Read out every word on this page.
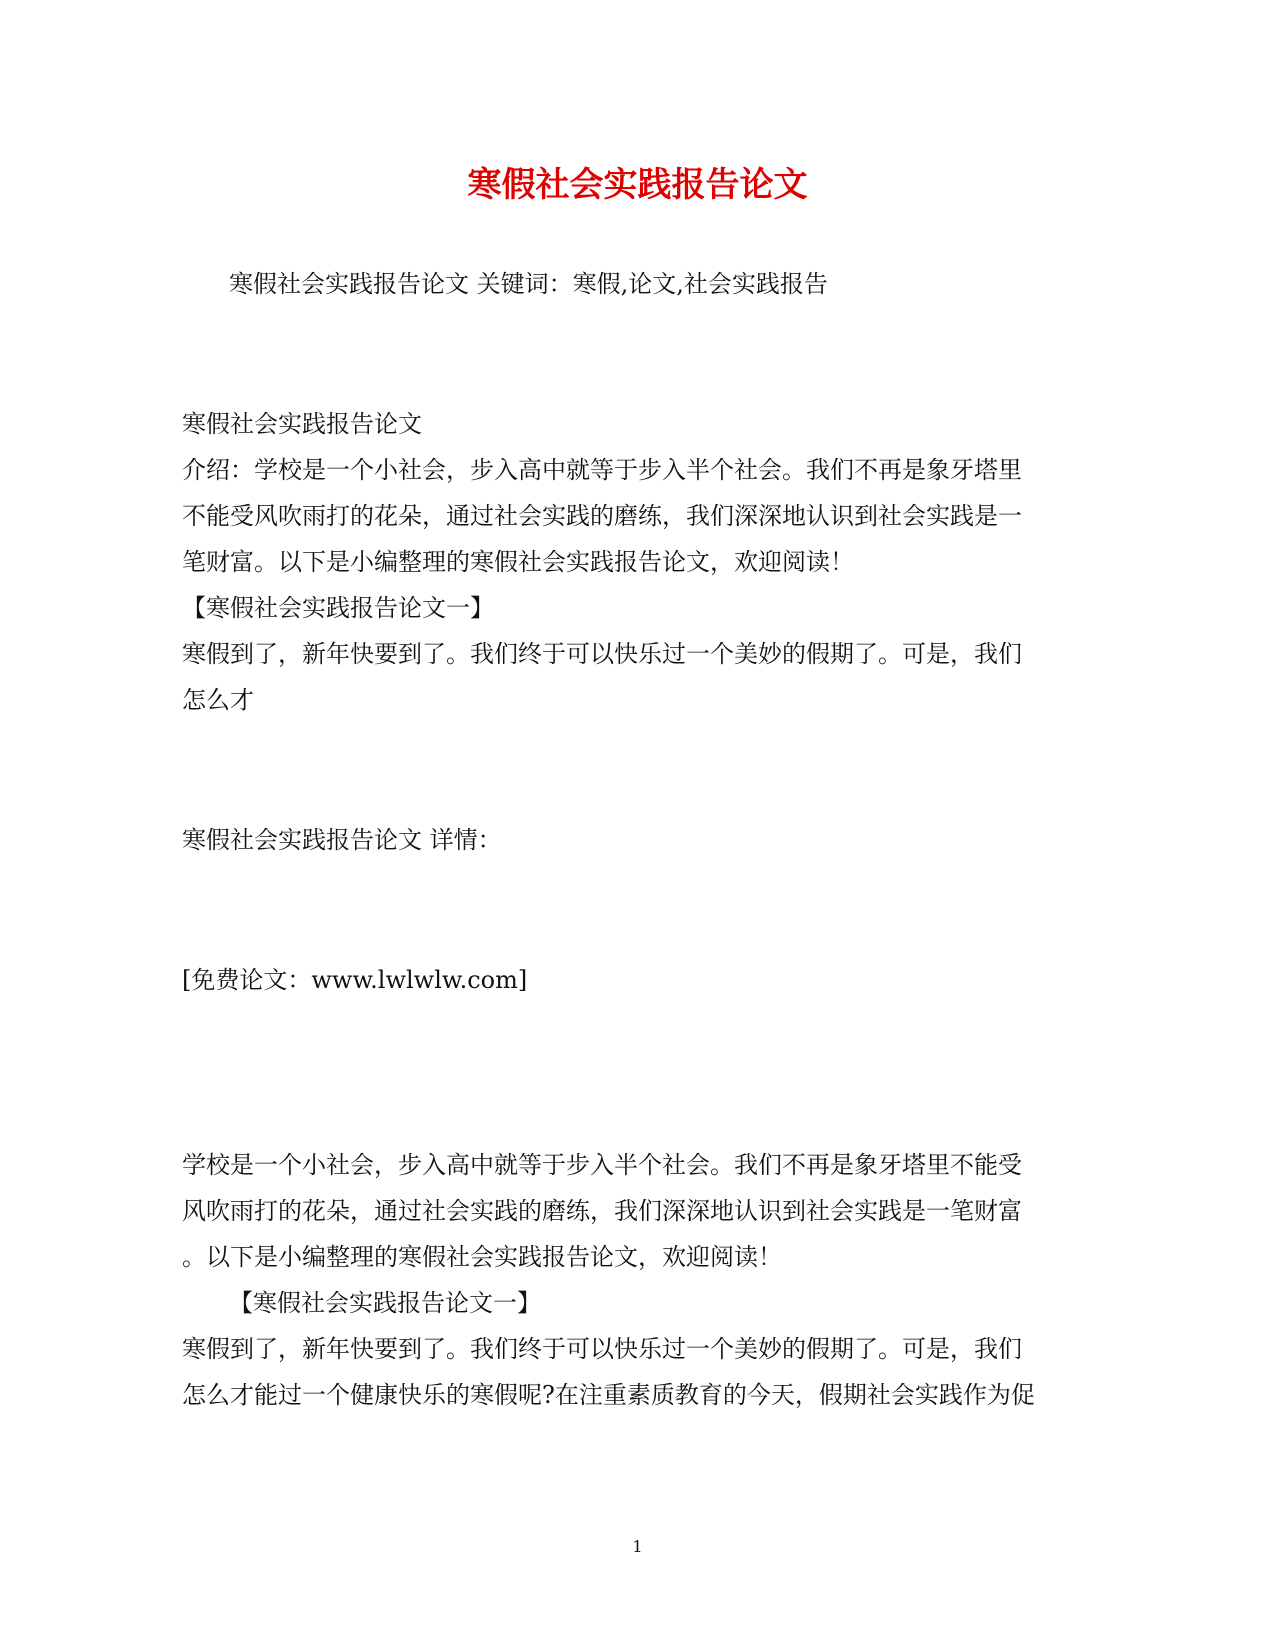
寒假社会实践报告论文
寒假社会实践报告论文 关键词：寒假,论文,社会实践报告
寒假社会实践报告论文
介绍：学校是一个小社会，步入高中就等于步入半个社会。我们不再是象牙塔里
不能受风吹雨打的花朵，通过社会实践的磨练，我们深深地认识到社会实践是一
笔财富。以下是小编整理的寒假社会实践报告论文，欢迎阅读！
【寒假社会实践报告论文一】
寒假到了，新年快要到了。我们终于可以快乐过一个美妙的假期了。可是，我们
怎么才
寒假社会实践报告论文 详情：
[免费论文：www.lwlwlw.com]
学校是一个小社会，步入高中就等于步入半个社会。我们不再是象牙塔里不能受
风吹雨打的花朵，通过社会实践的磨练，我们深深地认识到社会实践是一笔财富
。以下是小编整理的寒假社会实践报告论文，欢迎阅读！
【寒假社会实践报告论文一】
寒假到了，新年快要到了。我们终于可以快乐过一个美妙的假期了。可是，我们
怎么才能过一个健康快乐的寒假呢?在注重素质教育的今天，假期社会实践作为促
1
